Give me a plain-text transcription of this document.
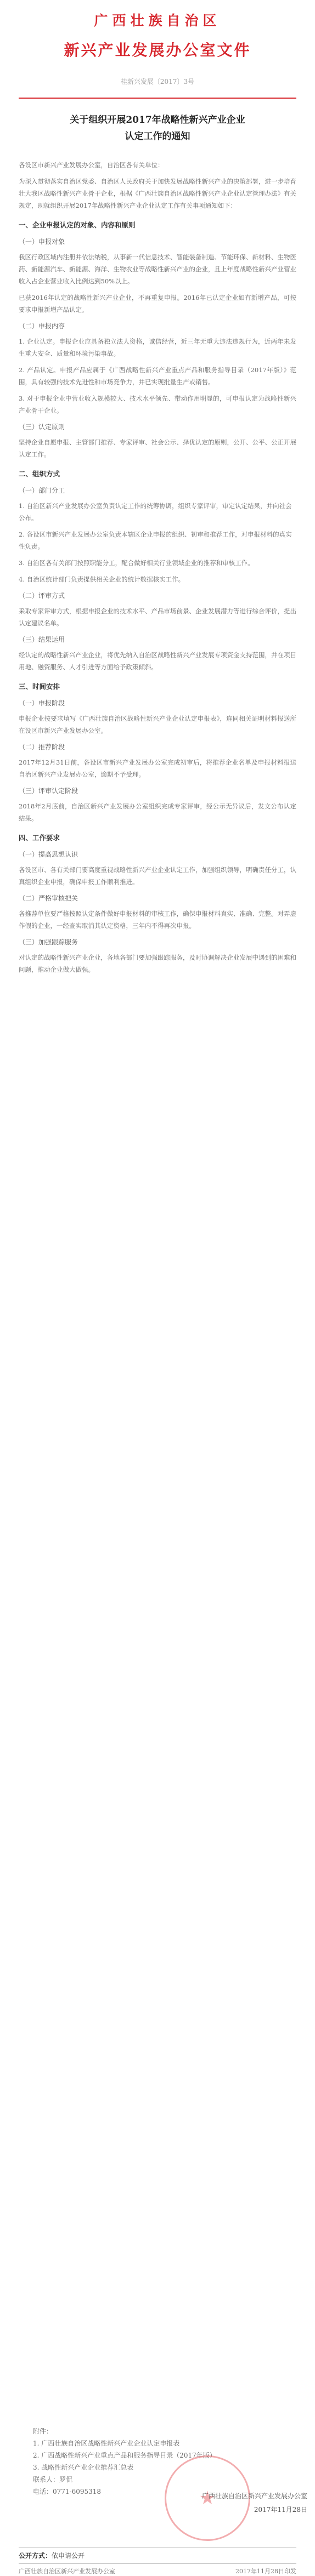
广西壮族自治区
新兴产业发展办公室文件
桂新兴发展〔2017〕3号
关于组织开展2017年战略性新兴产业企业
认定工作的通知
各设区市新兴产业发展办公室，自治区各有关单位：
为深入贯彻落实自治区党委、自治区人民政府关于加快发展战略性新兴产业的决策部署，进一步培育壮大我区战略性新兴产业骨干企业，根据《广西壮族自治区战略性新兴产业企业认定管理办法》有关规定，现就组织开展2017年战略性新兴产业企业认定工作有关事项通知如下：
一、企业申报认定的对象、内容和原则
（一）申报对象
我区行政区域内注册并依法纳税，从事新一代信息技术、智能装备制造、节能环保、新材料、生物医药、新能源汽车、新能源、海洋、生物农业等战略性新兴产业的企业，且上年度战略性新兴产业营业收入占企业营业收入比例达到50%以上。
已获2016年认定的战略性新兴产业企业，不再重复申报。2016年已认定企业如有新增产品，可按要求申报新增产品认定。
（二）申报内容
1. 企业认定。申报企业应具备独立法人资格，诚信经营，近三年无重大违法违规行为，近两年未发生重大安全、质量和环境污染事故。
2. 产品认定。申报产品应属于《广西战略性新兴产业重点产品和服务指导目录（2017年版）》范围，具有较强的技术先进性和市场竞争力，并已实现批量生产或销售。
3. 对于申报企业中营业收入规模较大、技术水平领先、带动作用明显的，可申报认定为战略性新兴产业骨干企业。
（三）认定原则
坚持企业自愿申报、主管部门推荐、专家评审、社会公示、择优认定的原则，公开、公平、公正开展认定工作。
二、组织方式
（一）部门分工
1. 自治区新兴产业发展办公室负责认定工作的统筹协调，组织专家评审，审定认定结果，并向社会公布。
2. 各设区市新兴产业发展办公室负责本辖区企业申报的组织、初审和推荐工作，对申报材料的真实性负责。
3. 自治区各有关部门按照职能分工，配合做好相关行业领域企业的推荐和审核工作。
4. 自治区统计部门负责提供相关企业的统计数据核实工作。
（二）评审方式
采取专家评审方式，根据申报企业的技术水平、产品市场前景、企业发展潜力等进行综合评价，提出认定建议名单。
（三）结果运用
经认定的战略性新兴产业企业，将优先纳入自治区战略性新兴产业发展专项资金支持范围，并在项目用地、融资服务、人才引进等方面给予政策倾斜。
三、时间安排
（一）申报阶段
申报企业按要求填写《广西壮族自治区战略性新兴产业企业认定申报表》，连同相关证明材料报送所在设区市新兴产业发展办公室。
（二）推荐阶段
2017年12月31日前，各设区市新兴产业发展办公室完成初审后，将推荐企业名单及申报材料报送自治区新兴产业发展办公室，逾期不予受理。
（三）评审认定阶段
2018年2月底前，自治区新兴产业发展办公室组织完成专家评审，经公示无异议后，发文公布认定结果。
四、工作要求
（一）提高思想认识
各设区市、各有关部门要高度重视战略性新兴产业企业认定工作，加强组织领导，明确责任分工，认真组织企业申报，确保申报工作顺利推进。
（二）严格审核把关
各推荐单位要严格按照认定条件做好申报材料的审核工作，确保申报材料真实、准确、完整。对弄虚作假的企业，一经查实取消其认定资格，三年内不得再次申报。
（三）加强跟踪服务
对认定的战略性新兴产业企业，各地各部门要加强跟踪服务，及时协调解决企业发展中遇到的困难和问题，推动企业做大做强。
附件：
1. 广西壮族自治区战略性新兴产业企业认定申报表
2. 广西战略性新兴产业重点产品和服务指导目录（2017年版）
3. 战略性新兴产业企业推荐汇总表
联系人：罗侃
电话：0771-6095318	★
广西壮族自治区新兴产业发展办公室
2017年11月28日
公开方式：依申请公开
广西壮族自治区新兴产业发展办公室	2017年11月28日印发
